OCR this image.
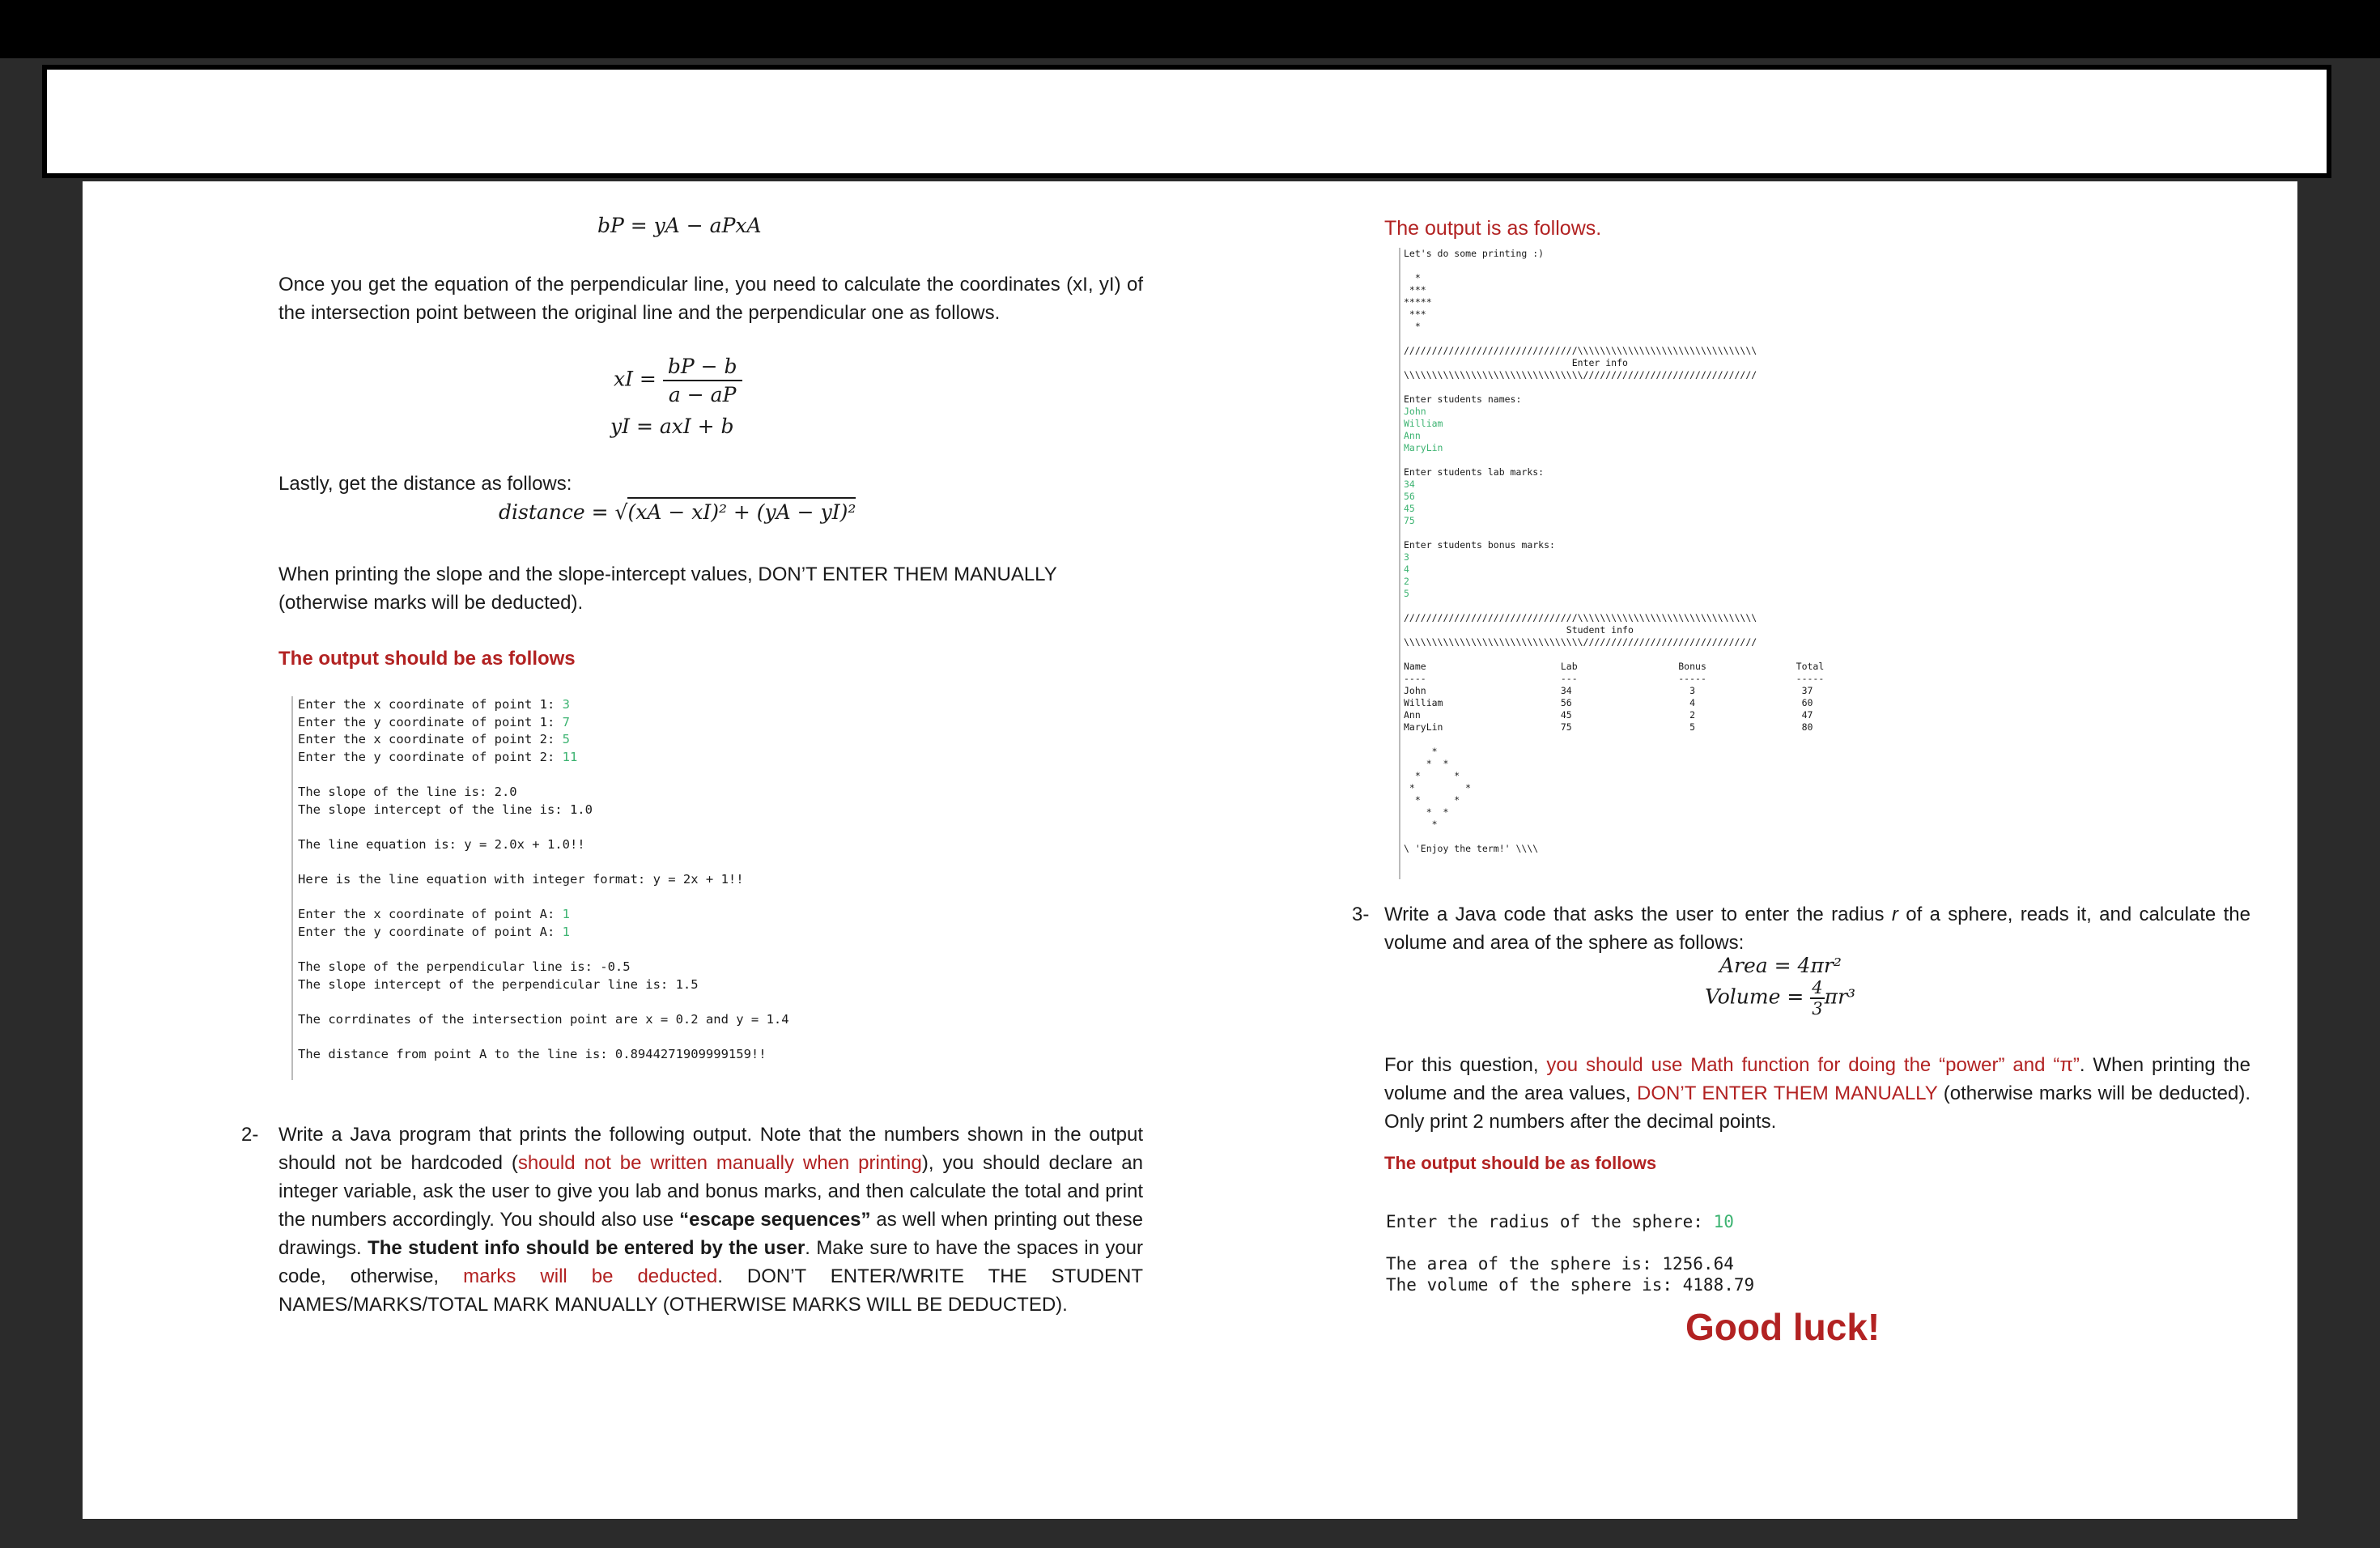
bP = yA − aPxA
Once you get the equation of the perpendicular line, you need to calculate the coordinates (xI, yI) of the intersection point between the original line and the perpendicular one as follows.
xI = $\frac{bP - b}{a - aP}$
yI = axI + b
Lastly, get the distance as follows:
distance = √(xA − xI)² + (yA − yI)²
When printing the slope and the slope-intercept values, DON’T ENTER THEM MANUALLY (otherwise marks will be deducted).
The output should be as follows
Enter the x coordinate of point 1: 3
Enter the y coordinate of point 1: 7
Enter the x coordinate of point 2: 5
Enter the y coordinate of point 2: 11

The slope of the line is: 2.0
The slope intercept of the line is: 1.0

The line equation is: y = 2.0x + 1.0!!

Here is the line equation with integer format: y = 2x + 1!!

Enter the x coordinate of point A: 1
Enter the y coordinate of point A: 1

The slope of the perpendicular line is: -0.5
The slope intercept of the perpendicular line is: 1.5

The corrdinates of the intersection point are x = 0.2 and y = 1.4

The distance from point A to the line is: 0.8944271909999159!!
2- Write a Java program that prints the following output. Note that the numbers shown in the output should not be hardcoded (should not be written manually when printing), you should declare an integer variable, ask the user to give you lab and bonus marks, and then calculate the total and print the numbers accordingly. You should also use “escape sequences” as well when printing out these drawings. The student info should be entered by the user. Make sure to have the spaces in your code, otherwise, marks will be deducted. DON’T ENTER/WRITE THE STUDENT NAMES/MARKS/TOTAL MARK MANUALLY (OTHERWISE MARKS WILL BE DEDUCTED).
The output is as follows.
Let's do some printing :)

*
***
*****
***
*

///////////////////////////////\\\\\\\\\\\\\\\\\\\\\\\\\\\\\\\\
Enter info
\\\\\\\\\\\\\\\\\\\\\\\\\\\\\\\\///////////////////////////////

Enter students names:
John
William
Ann
MaryLin

Enter students lab marks:
34
56
45
75

Enter students bonus marks:
3
4
2
5

///////////////////////////////\\\\\\\\\\\\\\\\\\\\\\\\\\\\\\\\
Student info
\\\\\\\\\\\\\\\\\\\\\\\\\\\\\\\\///////////////////////////////

Name                        Lab                  Bonus                Total
----                        ---                  -----                -----
John                        34                     3                   37
William                     56                     4                   60
Ann                         45                     2                   47
MaryLin                     75                     5                   80

*
*  *
*      *
*         *
*      *
*  *
*

\ 'Enjoy the term!' \\\\
3- Write a Java code that asks the user to enter the radius r of a sphere, reads it, and calculate the volume and area of the sphere as follows:
Area = 4πr²
Volume = $\frac{4}{3} \pi r^3$
For this question, you should use Math function for doing the “power” and “π”. When printing the volume and the area values, DON’T ENTER THEM MANUALLY (otherwise marks will be deducted). Only print 2 numbers after the decimal points.
The output should be as follows
Enter the radius of the sphere: 10
The area of the sphere is: 1256.64
The volume of the sphere is: 4188.79
Good luck!
